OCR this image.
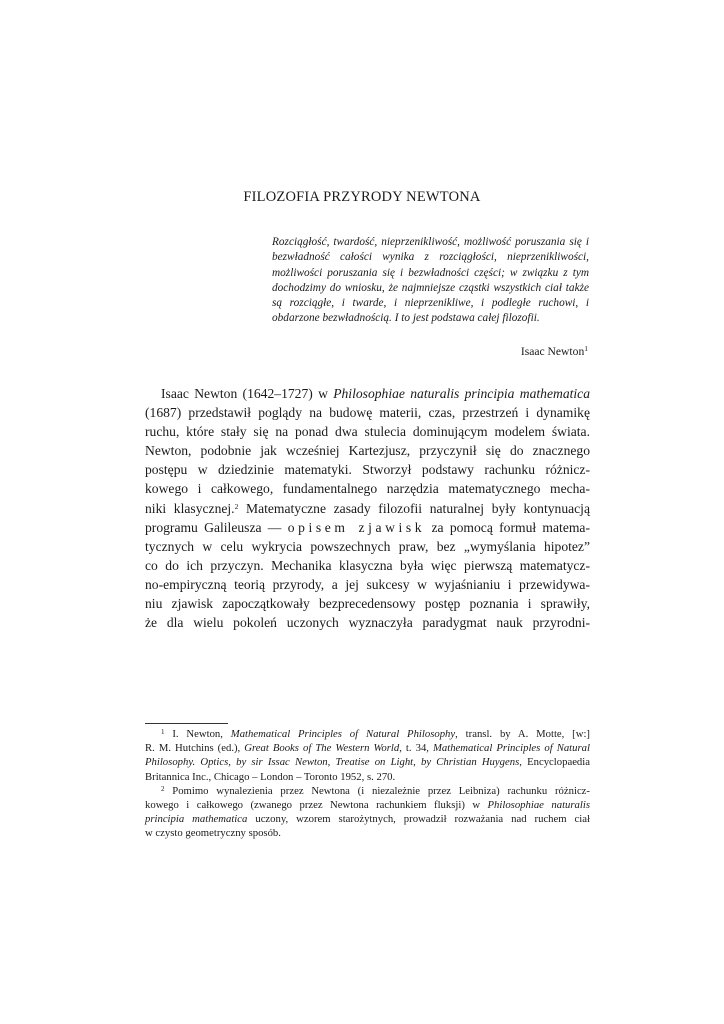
FILOZOFIA PRZYRODY NEWTONA
Rozciągłość, twardość, nieprzenikliwość, możliwość poruszania się i bezwładność całości wynika z rozciągłości, nieprzenikliwości, możliwości poruszania się i bezwładności części; w związku z tym dochodzimy do wniosku, że najmniejsze cząstki wszystkich ciał także są rozciągłe, i twarde, i nieprzenikliwe, i podległe ruchowi, i obdarzone bezwładnością. I to jest podstawa całej filozofii.
Isaac Newton$^1$
Isaac Newton (1642–1727) w Philosophiae naturalis principia mathematica
(1687) przedstawił poglądy na budowę materii, czas, przestrzeń i dynamikę
ruchu, które stały się na ponad dwa stulecia dominującym modelem świata.
Newton, podobnie jak wcześniej Kartezjusz, przyczynił się do znacznego
postępu w dziedzinie matematyki. Stworzył podstawy rachunku różnicz-
kowego i całkowego, fundamentalnego narzędzia matematycznego mecha-
niki klasycznej.$^2$ Matematyczne zasady filozofii naturalnej były kontynuacją
programu Galileusza — opisem zjawisk za pomocą formuł matema-
tycznych w celu wykrycia powszechnych praw, bez „wymyślania hipotez”
co do ich przyczyn. Mechanika klasyczna była więc pierwszą matematycz-
no-empiryczną teorią przyrody, a jej sukcesy w wyjaśnianiu i przewidywa-
niu zjawisk zapoczątkowały bezprecedensowy postęp poznania i sprawiły,
że dla wielu pokoleń uczonych wyznaczyła paradygmat nauk przyrodni-
$^1$ I. Newton, Mathematical Principles of Natural Philosophy, transl. by A. Motte, [w:]
R. M. Hutchins (ed.), Great Books of The Western World, t. 34, Mathematical Principles of Natural
Philosophy. Optics, by sir Issac Newton, Treatise on Light, by Christian Huygens, Encyclopaedia
Britannica Inc., Chicago – London – Toronto 1952, s. 270.
$^2$ Pomimo wynalezienia przez Newtona (i niezależnie przez Leibniza) rachunku różnicz-
kowego i całkowego (zwanego przez Newtona rachunkiem fluksji) w Philosophiae naturalis
principia mathematica uczony, wzorem starożytnych, prowadził rozważania nad ruchem ciał
w czysto geometryczny sposób.
